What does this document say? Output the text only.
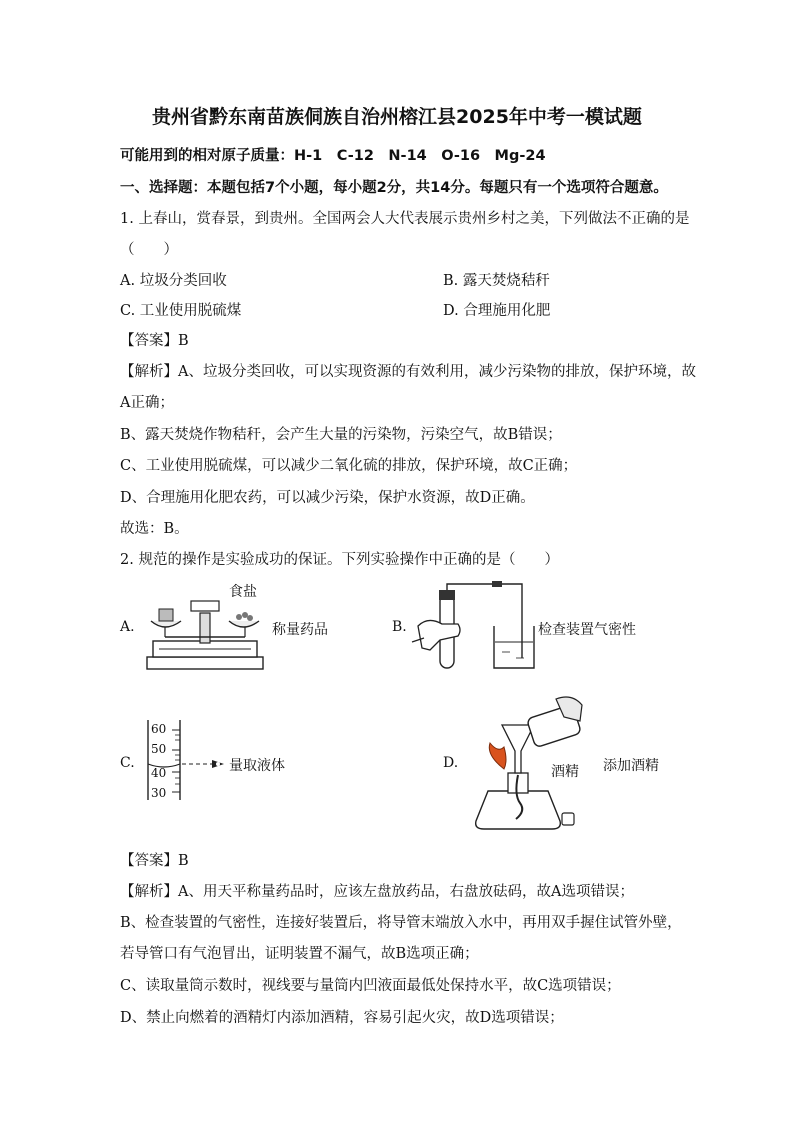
贵州省黔东南苗族侗族自治州榕江县2025年中考一模试题
可能用到的相对原子质量：H-1　C-12　N-14　O-16　Mg-24
一、选择题：本题包括7个小题，每小题2分，共14分。每题只有一个选项符合题意。
1. 上春山，赏春景，到贵州。全国两会人大代表展示贵州乡村之美，下列做法不正确的是
（　　）
A. 垃圾分类回收	B. 露天焚烧秸秆
C. 工业使用脱硫煤	D. 合理施用化肥
【答案】B
【解析】A、垃圾分类回收，可以实现资源的有效利用，减少污染物的排放，保护环境，故
A正确；
B、露天焚烧作物秸秆，会产生大量的污染物，污染空气，故B错误；
C、工业使用脱硫煤，可以减少二氧化硫的排放，保护环境，故C正确；
D、合理施用化肥农药，可以减少污染，保护水资源，故D正确。
故选：B。
2. 规范的操作是实验成功的保证。下列实验操作中正确的是（　　）
A.
食盐
称量药品	B.	检查装置气密性
C.
60
50
40
30
量取液体	D.
酒精 添加酒精
【答案】B
【解析】A、用天平称量药品时，应该左盘放药品，右盘放砝码，故A选项错误；
B、检查装置的气密性，连接好装置后，将导管末端放入水中，再用双手握住试管外壁，
若导管口有气泡冒出，证明装置不漏气，故B选项正确；
C、读取量筒示数时，视线要与量筒内凹液面最低处保持水平，故C选项错误；
D、禁止向燃着的酒精灯内添加酒精，容易引起火灾，故D选项错误；
